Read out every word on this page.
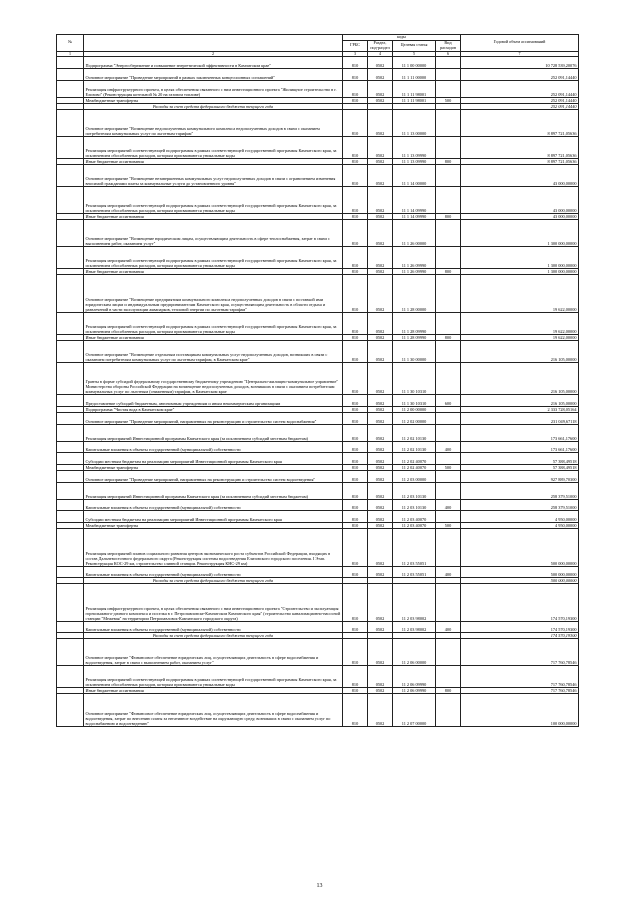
№		коды				Годовой объем ассигнований
		ГРБС	Раздел, под-раздел	Целевая статья	Вид расходов	
1	2	3	4	5	6	7
	Подпрограмма "Энергосбережение и повышение энергетической эффективности в Камчатском крае"	810	0502	11 1 00 00000		10 728 539,20076
	Основное мероприятие "Проведение мероприятий в рамках заключенных концессионных соглашений"	810	0502	11 1 11 00000		252 091,14440
	Реализация инфраструктурного проекта, в целях обеспечения связанного с ним инвестиционного проекта "Жилищное строительство в г. Елизово" (Реконструкция котельной № 20 на газовом топливе)	810	0502	11 1 11 98001		252 091,14440
	Межбюджетные трансферты	810	0502	11 1 11 98001	500	252 091,14440
	Расходы за счет средств федерального бюджета текущего года					252 091,14440
	Основное мероприятие "Возмещение недополученных коммунального комплекса недополученных доходов в связи с оказанием потребителям коммунальных услуг по льготным тарифам"	810	0502	11 1 13 00000		8 897 721,05636
	Реализация мероприятий соответствующей подпрограммы в рамках соответствующей государственной программы Камчатского края, за исключением обособленных расходов, которым присваиваются уникальные коды	810	0502	11 1 13 09990		8 897 721,05636
	Иные бюджетные ассигнования	810	0502	11 1 13 09990	800	8 897 721,05636
	Основное мероприятие "Возмещение незавершенных коммунальных услуг недополученных доходов в связи с ограничением изменения вносимой гражданами платы за коммунальные услуги до установленного уровня"	810	0502	11 1 14 00000		43 000,00000
	Реализация мероприятий соответствующей подпрограммы в рамках соответствующей государственной программы Камчатского края, за исключением обособленных расходов, которым присваиваются уникальные коды	810	0502	11 1 14 09990		43 000,00000
	Иные бюджетные ассигнования	810	0502	11 1 14 09990	800	43 000,00000
	Основное мероприятие "Возмещение юридическим лицам, осуществляющим деятельность в сфере теплоснабжения, затрат в связи с выполнением работ, оказанием услуг"	810	0502	11 1 26 00000		1 300 000,00000
	Реализация мероприятий соответствующей подпрограммы в рамках соответствующей государственной программы Камчатского края, за исключением обособленных расходов, которым присваиваются уникальные коды	810	0502	11 1 26 09990		1 300 000,00000
	Иные бюджетные ассигнования	810	0502	11 1 26 09990	800	1 300 000,00000
	Основное мероприятие "Возмещение предприятиям коммунального комплекса недополученных доходов в связи с поставкой ими юридическим лицам и индивидуальным предпринимателям Камчатского края, осуществляющим деятельность в области отдыха и развлечений в части эксплуатации аквапарков, тепловой энергии по льготным тарифам"	810	0502	11 1 28 00000		19 622,00000
	Реализация мероприятий соответствующей подпрограммы в рамках соответствующей государственной программы Камчатского края, за исключением обособленных расходов, которым присваиваются уникальные коды	810	0502	11 1 28 09990		19 622,00000
	Иные бюджетные ассигнования	810	0502	11 1 28 09990	800	19 622,00000
	Основное мероприятие "Возмещение отдельным поставщикам коммунальных услуг недополученных доходов, возникших в связи с оказанием потребителям коммунальных услуг по льготным тарифам, в Камчатском крае"	810	0502	11 1 30 00000		216 105,00000
	Гранты в форме субсидий федеральному государственному бюджетному учреждению "Центрально-жилищно-коммунальное управление" Министерства обороны Российской Федерации на возмещение недополученных доходов, возникших в связи с оказанием потребителям коммунальных услуг по льготным (сниженным) тарифам, в Камчатском крае	810	0502	11 1 30 10310		216 105,00000
	Предоставление субсидий бюджетным, автономным учреждениям и иным некоммерческим организациям	810	0502	11 1 30 10310	600	216 105,00000
	Подпрограмма "Чистая вода в Камчатском крае"	810	0502	11 2 00 00000		2 333 728,05164
	Основное мероприятие "Проведение мероприятий, направленных на реконструкцию и строительство систем водоснабжения"	810	0502	11 2 02 00000		231 049,67118
	Реализация мероприятий Инвестиционной программы Камчатского края (за исключением субсидий местным бюджетам)	810	0502	11 2 02 10130		173 661,17600
	Капитальные вложения в объекты государственной (муниципальной) собственности	810	0502	11 2 02 10130	400	173 661,17600
	Субсидии местным бюджетам на реализацию мероприятий Инвестиционной программы Камчатского края	810	0502	11 2 02 40070		57 388,49518
	Межбюджетные трансферты	810	0502	11 2 02 40070	500	57 388,49518
	Основное мероприятие "Проведение мероприятий, направленных на реконструкцию и строительство систем водоотведения"	810	0502	11 2 03 00000		927 889,70300
	Реализация мероприятий Инвестиционной программы Камчатского края (за исключением субсидий местным бюджетам)	810	0502	11 2 03 10130		258 379,51000
	Капитальные вложения в объекты государственной (муниципальной) собственности	810	0502	11 2 03 10130	400	258 379,51000
	Субсидии местным бюджетам на реализацию мероприятий Инвестиционной программы Камчатского края	810	0502	11 2 03 40070		4 950,00000
	Межбюджетные трансферты	810	0502	11 2 03 40070	500	4 950,00000
	Реализация мероприятий планов социального развития центров экономического роста субъектов Российской Федерации, входящих в состав Дальневосточного федерального округа (Реконструкция системы водоотведения Елизовского городского поселения. I Этап. Реконструкция КОС-29 км, строительство сливной станции. Реконструкция КНС-29 км)	810	0502	11 2 03 55051		500 000,00000
	Капитальные вложения в объекты государственной (муниципальной) собственности	810	0502	11 2 03 55051	400	500 000,00000
	Расходы за счет средств федерального бюджета текущего года					500 000,00000
	Реализация инфраструктурного проекта, в целях обеспечения связанного с ним инвестиционного проекта "Строительство и эксплуатация горнолыжного-дачного комплекса и поселка в г. Петропавловске-Камчатском Камчатского края" (строительство канализационно-насосной станции "Межевая" на территории Петропавловск-Камчатского городского округа)	810	0502	11 2 03 98002		174 570,19300
	Капитальные вложения в объекты государственной (муниципальной) собственности	810	0502	11 2 03 98002	400	174 570,19300
	Расходы за счет средств федерального бюджета текущего года					174 570,19300
	Основное мероприятие "Финансовое обеспечение юридических лиц, осуществляющих деятельность в сфере водоснабжения и водоотведения, затрат в связи с выполнением работ, оказанием услуг"	810	0502	11 2 06 00000		717 760,78546
	Реализация мероприятий соответствующей подпрограммы в рамках соответствующей государственной программы Камчатского края, за исключением обособленных расходов, которым присваиваются уникальные коды	810	0502	11 2 06 09990		717 760,78546
	Иные бюджетные ассигнования	810	0502	11 2 06 09990	800	717 760,78546
	Основное мероприятие "Финансовое обеспечение юридических лиц, осуществляющих деятельность в сфере водоснабжения и водоотведения, затрат по внесению платы за негативное воздействие на окружающую среду, возникших в связи с оказанием услуг по водоснабжению и водоотведению"	810	0502	11 2 07 00000		100 000,00000
13
